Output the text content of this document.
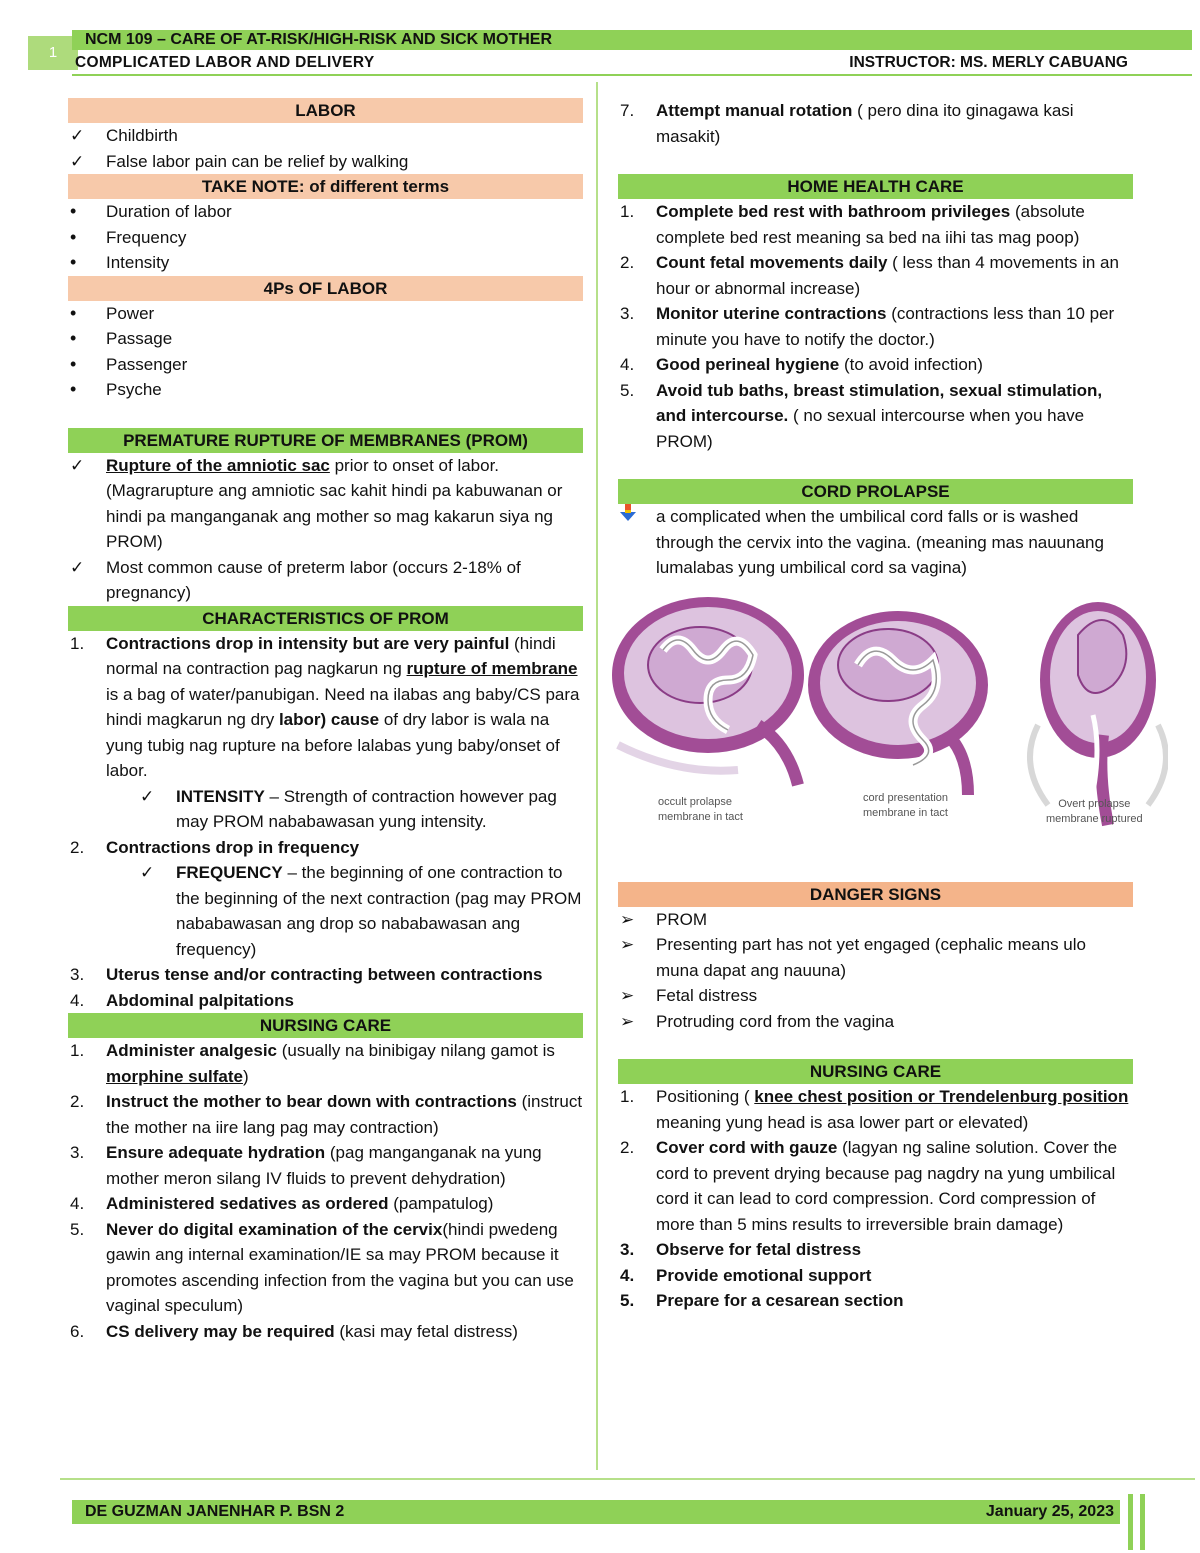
1
NCM 109 – CARE OF AT-RISK/HIGH-RISK AND SICK MOTHER
COMPLICATED LABOR AND DELIVERY	INSTRUCTOR: MS. MERLY CABUANG
LABOR
✓
Childbirth
✓
False labor pain can be relief by walking
TAKE NOTE: of different terms
•
Duration of labor
•
Frequency
•
Intensity
4Ps OF LABOR
•
Power
•
Passage
•
Passenger
•
Psyche
PREMATURE RUPTURE OF MEMBRANES (PROM)
✓
Rupture of the amniotic sac prior to onset of labor.(Magrarupture ang amniotic sac kahit hindi pa kabuwanan or hindi pa manganganak ang mother so mag kakarun siya ng PROM)
✓
Most common cause of preterm labor (occurs 2-18% of pregnancy)
CHARACTERISTICS OF PROM
1.	Contractions drop in intensity but are very painful (hindi normal na contraction pag nagkarun ng rupture of membrane is a bag of water/panubigan. Need na ilabas ang baby/CS para hindi magkarun ng dry labor) cause of dry labor is wala na yung tubig nag rupture na before lalabas yung baby/onset of labor.
✓
INTENSITY – Strength of contraction however pag may PROM nababawasan yung intensity.
2.	Contractions drop in frequency
✓
FREQUENCY – the beginning of one contraction to the beginning of the next contraction (pag may PROM nababawasan ang drop so nababawasan ang frequency)
3.	Uterus tense and/or contracting between contractions
4.	Abdominal palpitations
NURSING CARE
1.	Administer analgesic (usually na binibigay nilang gamot is morphine sulfate)
2.	Instruct the mother to bear down with contractions (instruct the mother na iire lang pag may contraction)
3.	Ensure adequate hydration (pag manganganak na yung mother meron silang IV fluids to prevent dehydration)
4.	Administered sedatives as ordered (pampatulog)
5.	Never do digital examination of the cervix(hindi pwedeng gawin ang internal examination/IE sa may PROM because it promotes ascending infection from the vagina but you can use vaginal speculum)
6.	CS delivery may be required (kasi may fetal distress)
7.	Attempt manual rotation ( pero dina ito ginagawa kasi masakit)
HOME HEALTH CARE
1.	Complete bed rest with bathroom privileges (absolute complete bed rest meaning sa bed na iihi tas mag poop)
2.	Count fetal movements daily ( less than 4 movements in an hour or abnormal increase)
3.	Monitor uterine contractions (contractions less than 10 per minute you have to notify the doctor.)
4.	Good perineal hygiene (to avoid infection)
5.	Avoid tub baths, breast stimulation, sexual stimulation, and intercourse. ( no sexual intercourse when you have PROM)
CORD PROLAPSE
a complicated when the umbilical cord falls or is washed through the cervix into the vagina. (meaning mas nauunang lumalabas yung umbilical cord sa vagina)
occult prolapse
membrane in tact
cord presentation
membrane in tact
Overt prolapse
membrane ruptured
DANGER SIGNS
➢
PROM
➢
Presenting part has not yet engaged (cephalic means ulo muna dapat ang nauuna)
➢
Fetal distress
➢
Protruding cord from the vagina
NURSING CARE
1.	Positioning ( knee chest position or Trendelenburg position meaning yung head is asa lower part or elevated)
2.	Cover cord with gauze (lagyan ng saline solution. Cover the cord to prevent drying because pag nagdry na yung umbilical cord it can lead to cord compression. Cord compression of more than 5 mins results to irreversible brain damage)
3.	Observe for fetal distress
4.	Provide emotional support
5.	Prepare for a cesarean section
DE GUZMAN JANENHAR P. BSN 2	January 25, 2023
